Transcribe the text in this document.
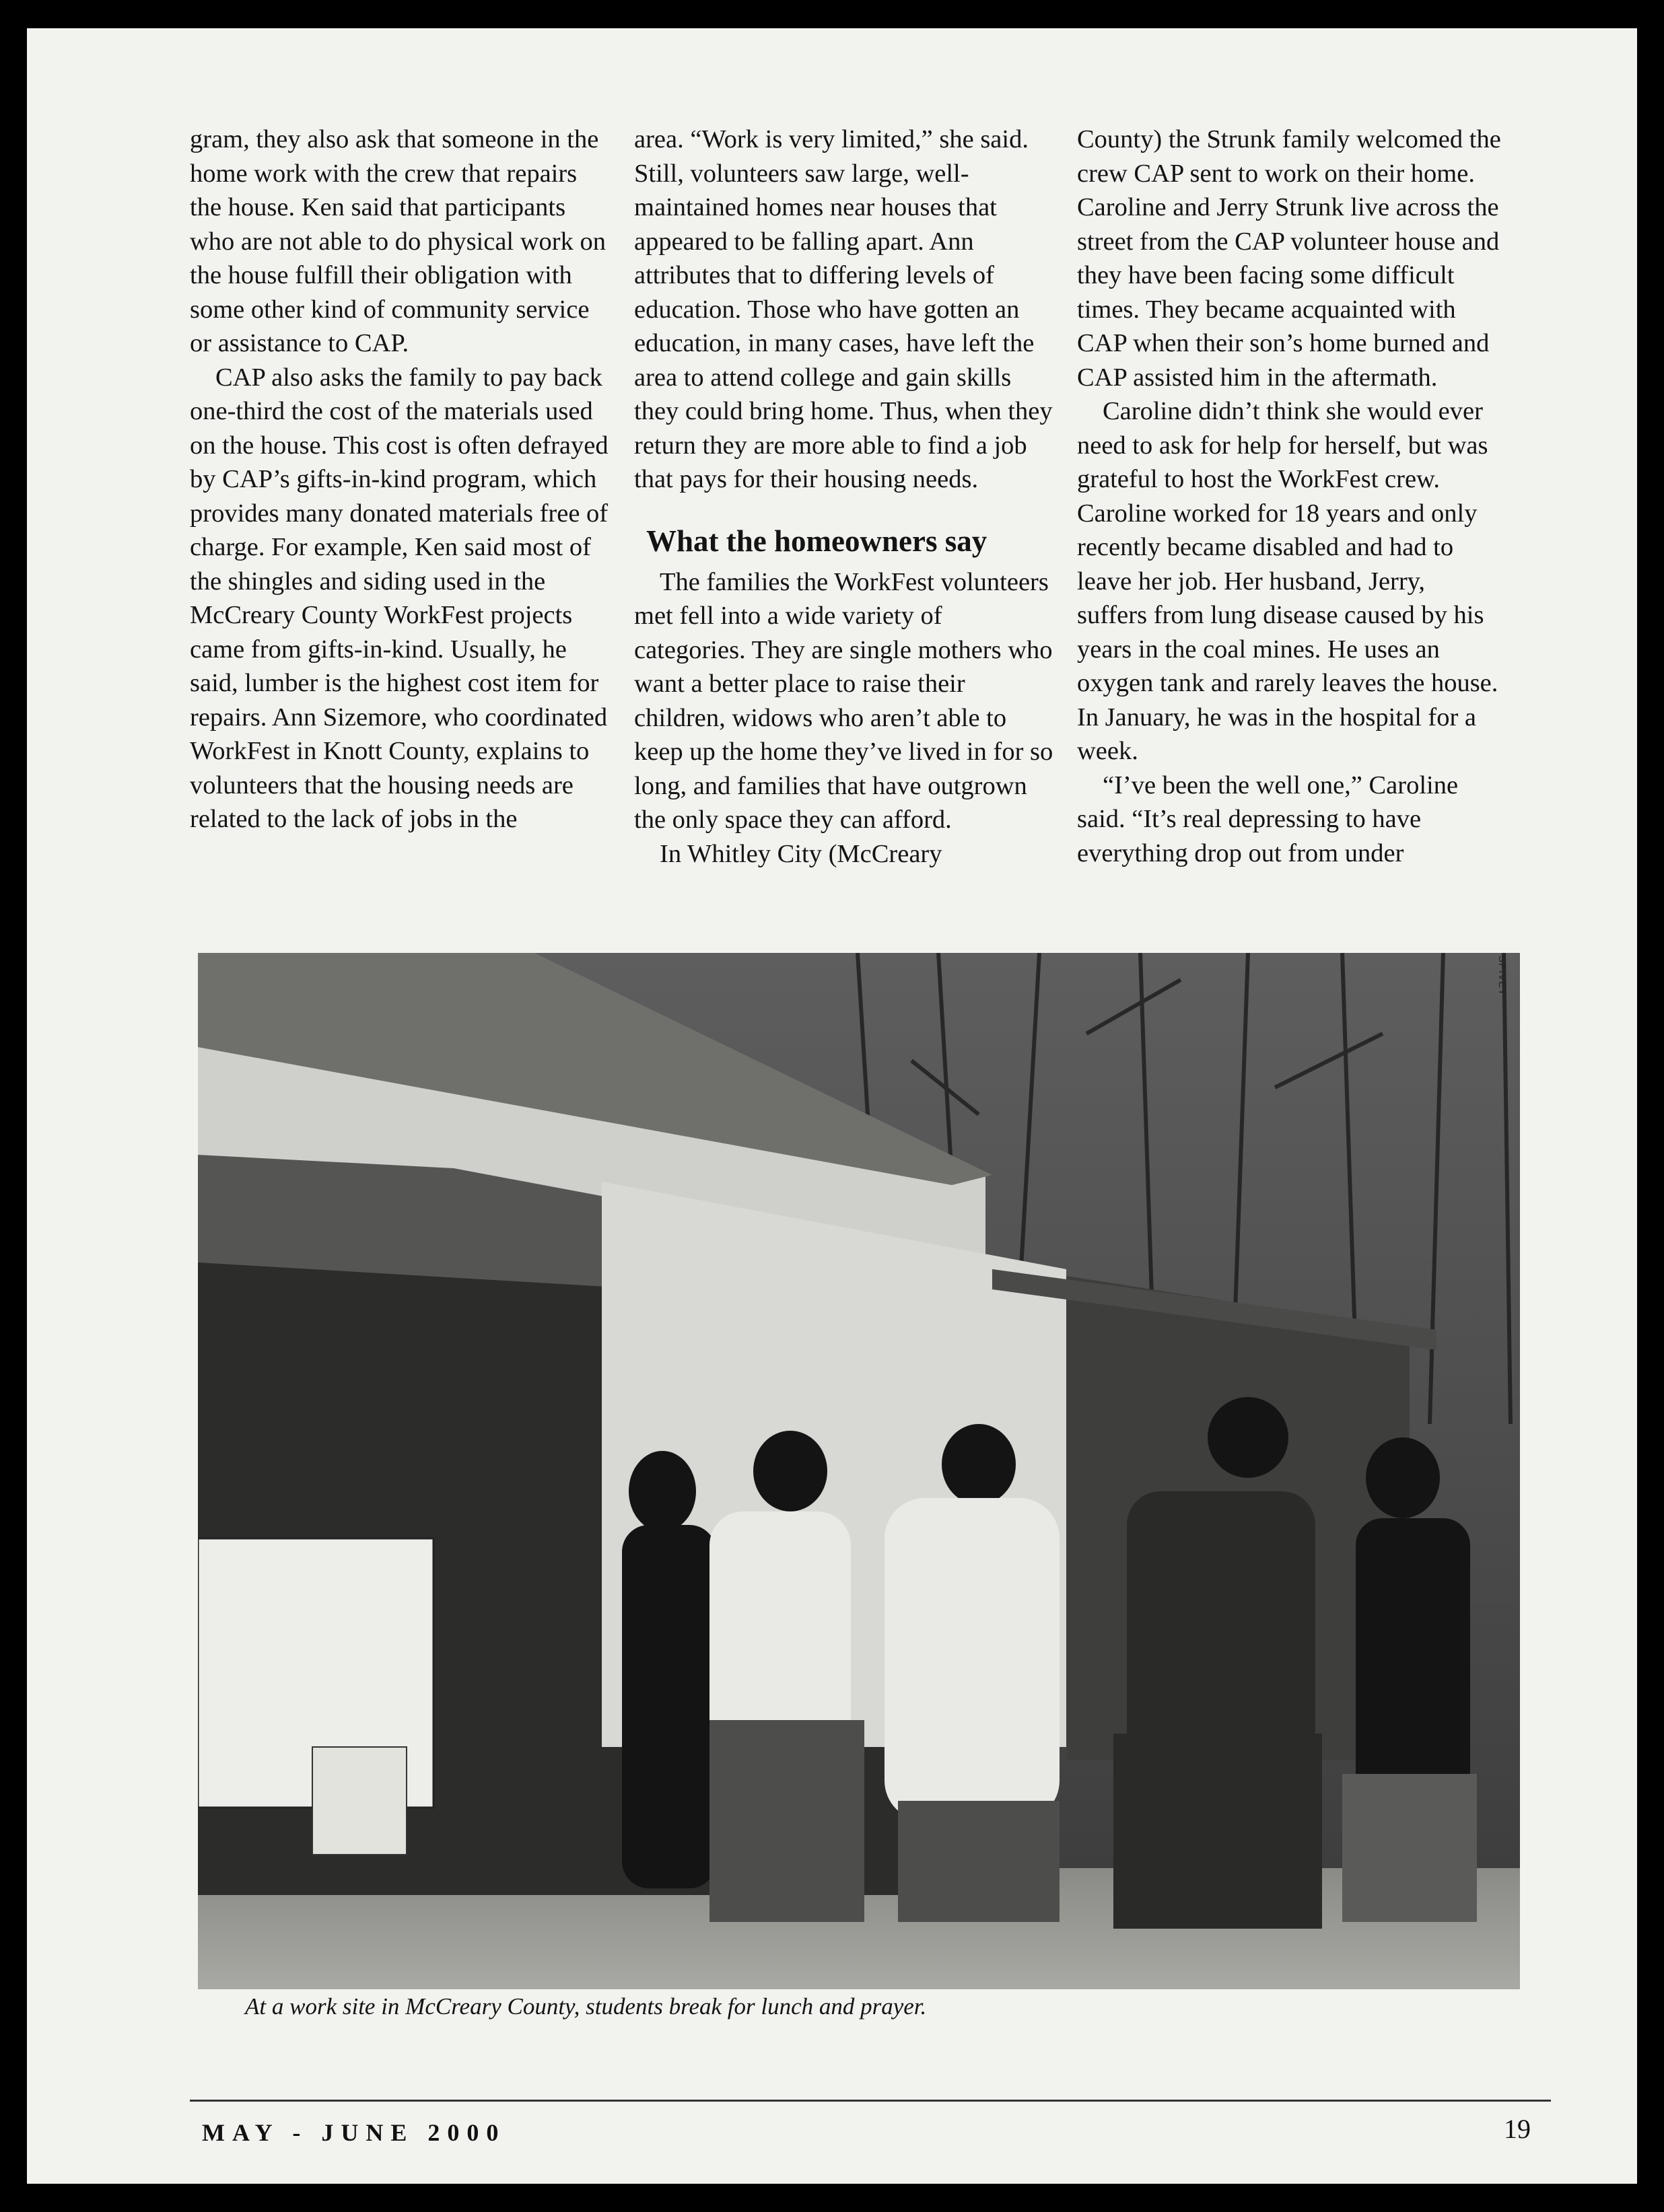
gram, they also ask that someone in the home work with the crew that repairs the house. Ken said that participants who are not able to do physical work on the house fulfill their obligation with some other kind of community service or assistance to CAP.

CAP also asks the family to pay back one-third the cost of the materials used on the house. This cost is often defrayed by CAP’s gifts-in-kind program, which provides many donated materials free of charge. For example, Ken said most of the shingles and siding used in the McCreary County WorkFest projects came from gifts-in-kind. Usually, he said, lumber is the highest cost item for repairs. Ann Sizemore, who coordinated WorkFest in Knott County, explains to volunteers that the housing needs are related to the lack of jobs in the

area. “Work is very limited,” she said. Still, volunteers saw large, well-maintained homes near houses that appeared to be falling apart. Ann attributes that to differing levels of education. Those who have gotten an education, in many cases, have left the area to attend college and gain skills they could bring home. Thus, when they return they are more able to find a job that pays for their housing needs.

What the homeowners say

The families the WorkFest volunteers met fell into a wide variety of categories. They are single mothers who want a better place to raise their children, widows who aren’t able to keep up the home they’ve lived in for so long, and families that have outgrown the only space they can afford.

In Whitley City (McCreary

County) the Strunk family welcomed the crew CAP sent to work on their home. Caroline and Jerry Strunk live across the street from the CAP volunteer house and they have been facing some difficult times. They became acquainted with CAP when their son’s home burned and CAP assisted him in the aftermath.

Caroline didn’t think she would ever need to ask for help for herself, but was grateful to host the WorkFest crew. Caroline worked for 18 years and only recently became disabled and had to leave her job. Her husband, Jerry, suffers from lung disease caused by his years in the coal mines. He uses an oxygen tank and rarely leaves the house. In January, he was in the hospital for a week.

“I’ve been the well one,” Caroline said. “It’s real depressing to have everything drop out from under

SPIVEY
At a work site in McCreary County, students break for lunch and prayer.
MAY - JUNE 2000	19
